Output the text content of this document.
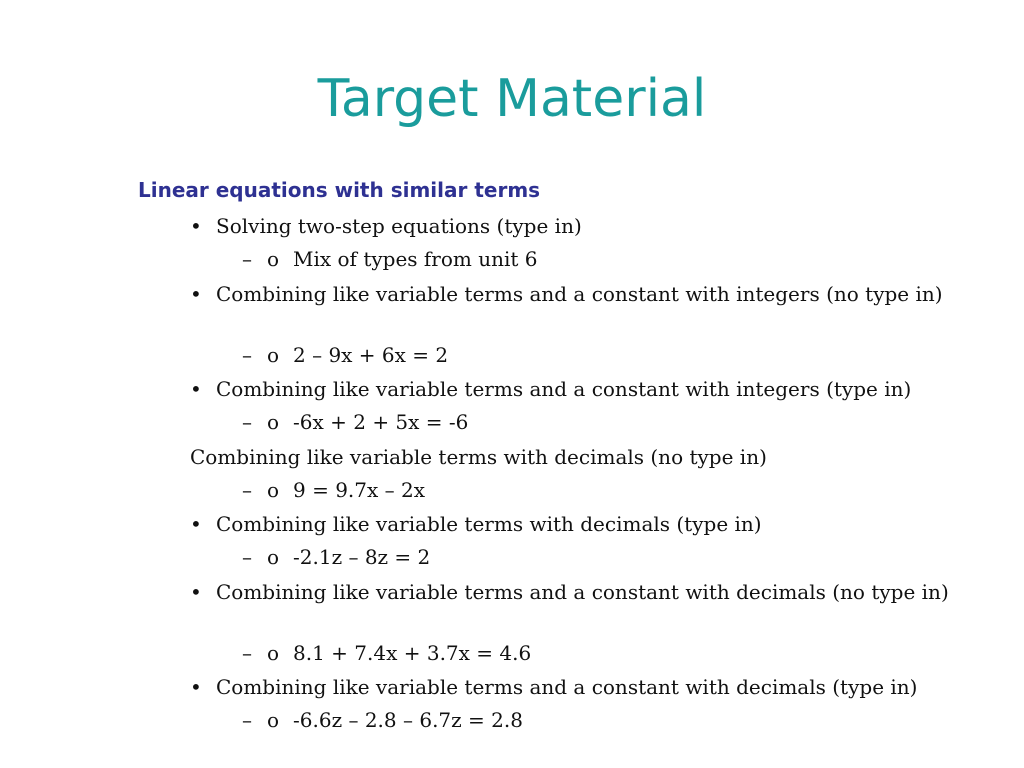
Target Material
Linear equations with similar terms
• Solving two-step equations (type in)
– o Mix of types from unit 6
• Combining like variable terms and a constant with integers (no type in)
– o 2 – 9x + 6x = 2
• Combining like variable terms and a constant with integers (type in)
– o -6x + 2 + 5x = -6
Combining like variable terms with decimals (no type in)
– o 9 = 9.7x – 2x
• Combining like variable terms with decimals (type in)
– o -2.1z – 8z = 2
• Combining like variable terms and a constant with decimals (no type in)
– o 8.1 + 7.4x + 3.7x = 4.6
• Combining like variable terms and a constant with decimals (type in)
– o -6.6z – 2.8 – 6.7z = 2.8
